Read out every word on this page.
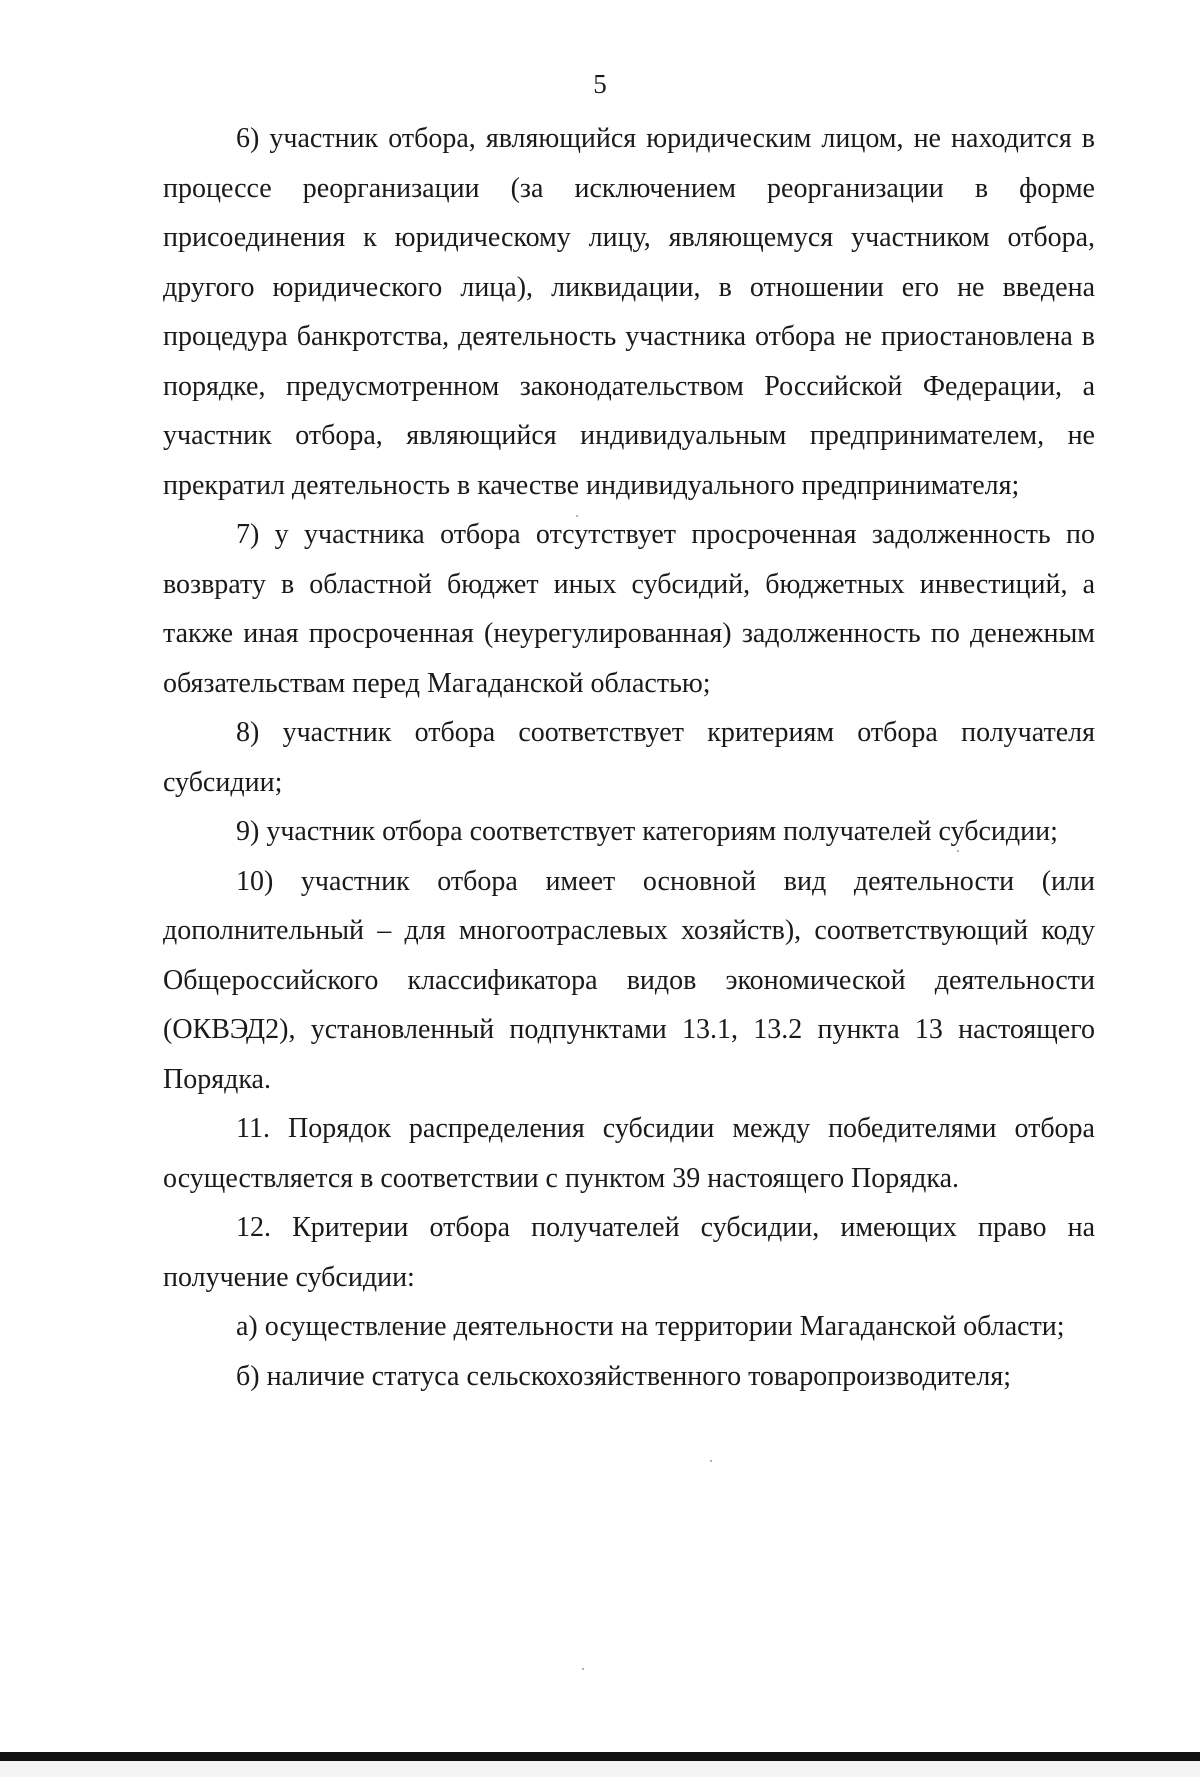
5

6) участник отбора, являющийся юридическим лицом, не находится в процессе реорганизации (за исключением реорганизации в форме присоединения к юридическому лицу, являющемуся участником отбора, другого юридического лица), ликвидации, в отношении его не введена процедура банкротства, деятельность участника отбора не приостановлена в порядке, предусмотренном законодательством Российской Федерации, а участник отбора, являющийся индивидуальным предпринимателем, не прекратил деятельность в качестве индивидуального предпринимателя;

7) у участника отбора отсутствует просроченная задолженность по возврату в областной бюджет иных субсидий, бюджетных инвестиций, а также иная просроченная (неурегулированная) задолженность по денежным обязательствам перед Магаданской областью;

8) участник отбора соответствует критериям отбора получателя субсидии;

9) участник отбора соответствует категориям получателей субсидии;

10) участник отбора имеет основной вид деятельности (или дополнительный – для многоотраслевых хозяйств), соответствующий коду Общероссийского классификатора видов экономической деятельности (ОКВЭД2), установленный подпунктами 13.1, 13.2 пункта 13 настоящего Порядка.

11. Порядок распределения субсидии между победителями отбора осуществляется в соответствии с пунктом 39 настоящего Порядка.

12. Критерии отбора получателей субсидии, имеющих право на получение субсидии:

а) осуществление деятельности на территории Магаданской области;

б) наличие статуса сельскохозяйственного товаропроизводителя;
